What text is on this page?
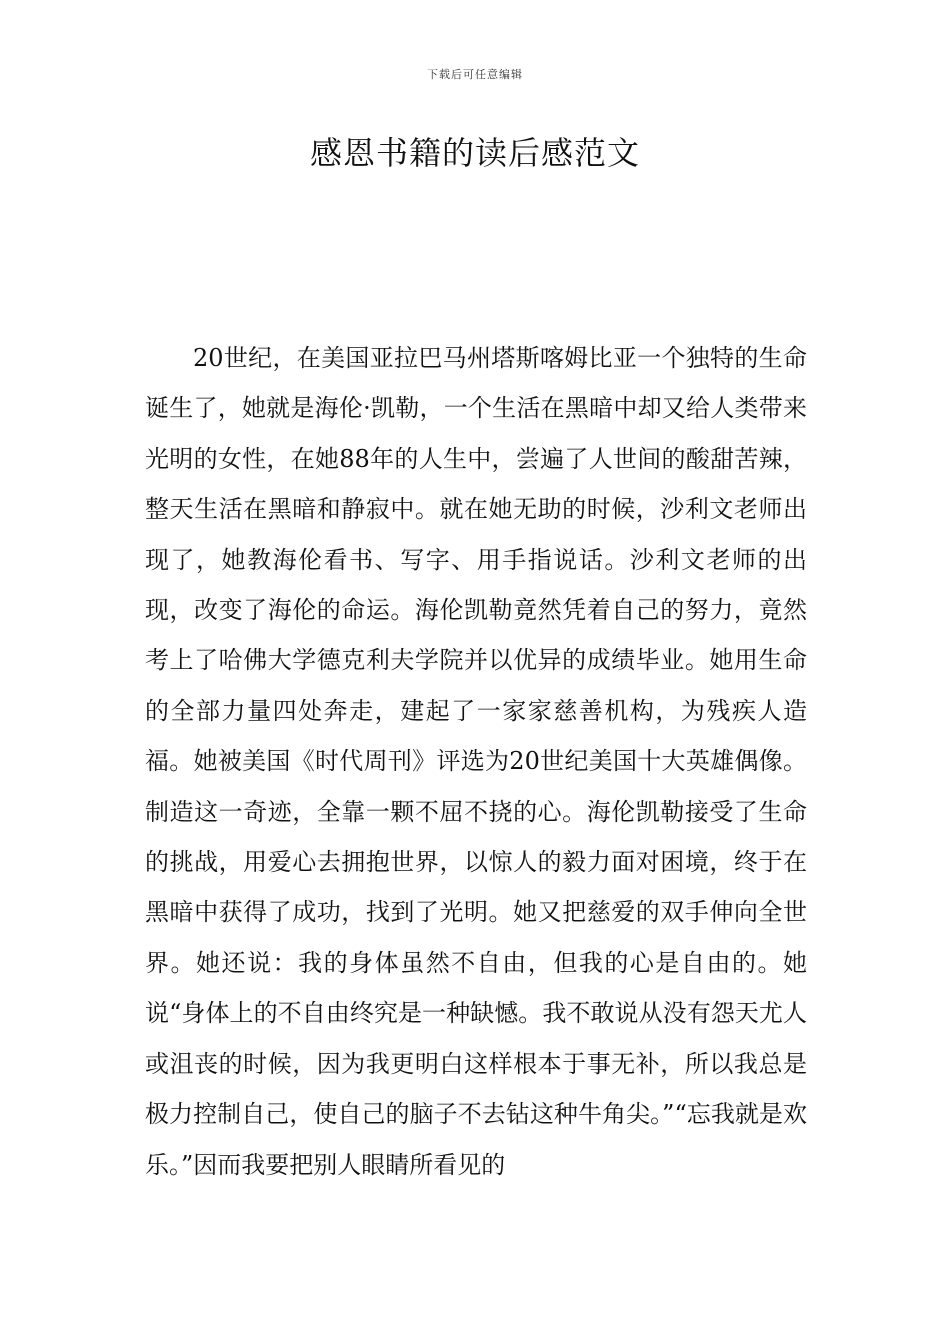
下载后可任意编辑
感恩书籍的读后感范文

20世纪，在美国亚拉巴马州塔斯喀姆比亚一个独特的生命诞生了，她就是海伦·凯勒，一个生活在黑暗中却又给人类带来光明的女性，在她88年的人生中，尝遍了人世间的酸甜苦辣，整天生活在黑暗和静寂中。就在她无助的时候，沙利文老师出现了，她教海伦看书、写字、用手指说话。沙利文老师的出现，改变了海伦的命运。海伦凯勒竟然凭着自己的努力，竟然考上了哈佛大学德克利夫学院并以优异的成绩毕业。她用生命的全部力量四处奔走，建起了一家家慈善机构，为残疾人造福。她被美国《时代周刊》评选为20世纪美国十大英雄偶像。制造这一奇迹，全靠一颗不屈不挠的心。海伦凯勒接受了生命的挑战，用爱心去拥抱世界，以惊人的毅力面对困境，终于在黑暗中获得了成功，找到了光明。她又把慈爱的双手伸向全世界。她还说：我的身体虽然不自由，但我的心是自由的。她说“身体上的不自由终究是一种缺憾。我不敢说从没有怨天尤人或沮丧的时候，因为我更明白这样根本于事无补，所以我总是极力控制自己，使自己的脑子不去钻这种牛角尖。”“忘我就是欢乐。”因而我要把别人眼睛所看见的
